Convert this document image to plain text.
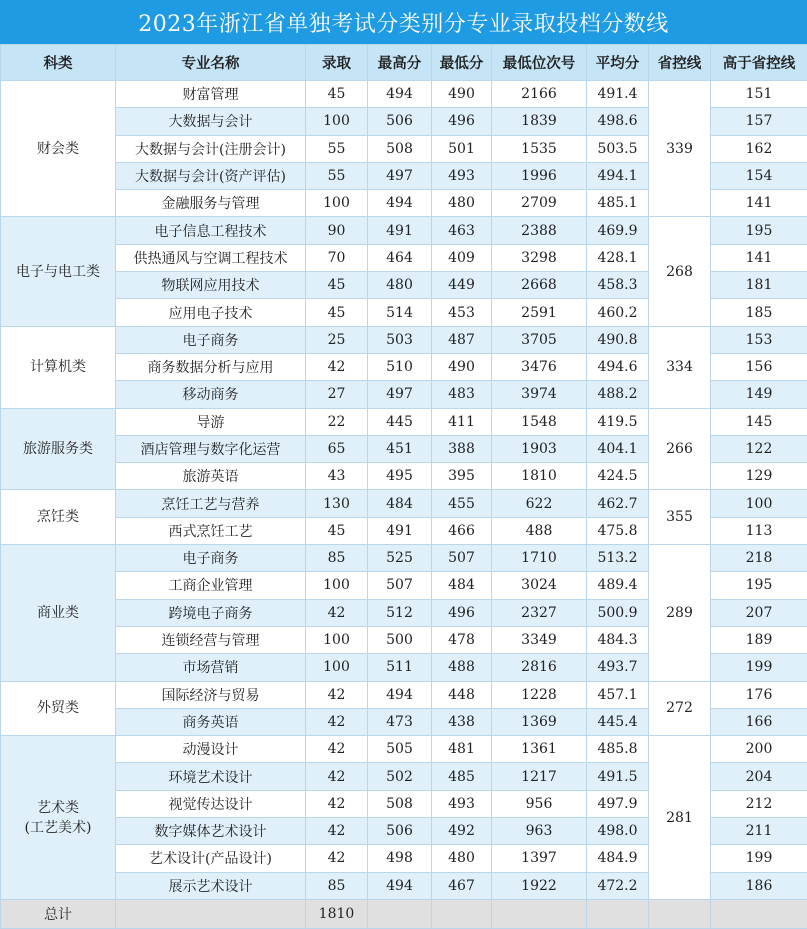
2023年浙江省单独考试分类别分专业录取投档分数线
科类	专业名称	录取	最高分	最低分	最低位次号	平均分	省控线	高于省控线

财会类	财富管理	45	494	490	2166	491.4	339	151
	大数据与会计	100	506	496	1839	498.6		157
	大数据与会计(注册会计)	55	508	501	1535	503.5		162
	大数据与会计(资产评估)	55	497	493	1996	494.1		154
	金融服务与管理	100	494	480	2709	485.1		141

电子与电工类	电子信息工程技术	90	491	463	2388	469.9	268	195
	供热通风与空调工程技术	70	464	409	3298	428.1		141
	物联网应用技术	45	480	449	2668	458.3		181
	应用电子技术	45	514	453	2591	460.2		185

计算机类	电子商务	25	503	487	3705	490.8	334	153
	商务数据分析与应用	42	510	490	3476	494.6		156
	移动商务	27	497	483	3974	488.2		149

旅游服务类	导游	22	445	411	1548	419.5	266	145
	酒店管理与数字化运营	65	451	388	1903	404.1		122
	旅游英语	43	495	395	1810	424.5		129

烹饪类	烹饪工艺与营养	130	484	455	622	462.7	355	100
	西式烹饪工艺	45	491	466	488	475.8		113

商业类	电子商务	85	525	507	1710	513.2	289	218
	工商企业管理	100	507	484	3024	489.4		195
	跨境电子商务	42	512	496	2327	500.9		207
	连锁经营与管理	100	500	478	3349	484.3		189
	市场营销	100	511	488	2816	493.7		199

外贸类	国际经济与贸易	42	494	448	1228	457.1	272	176
	商务英语	42	473	438	1369	445.4		166

艺术类
(工艺美术)	动漫设计	42	505	481	1361	485.8	281	200
	环境艺术设计	42	502	485	1217	491.5		204
	视觉传达设计	42	508	493	956	497.9		212
	数字媒体艺术设计	42	506	492	963	498.0		211
	艺术设计(产品设计)	42	498	480	1397	484.9		199
	展示艺术设计	85	494	467	1922	472.2		186
总计		1810						
